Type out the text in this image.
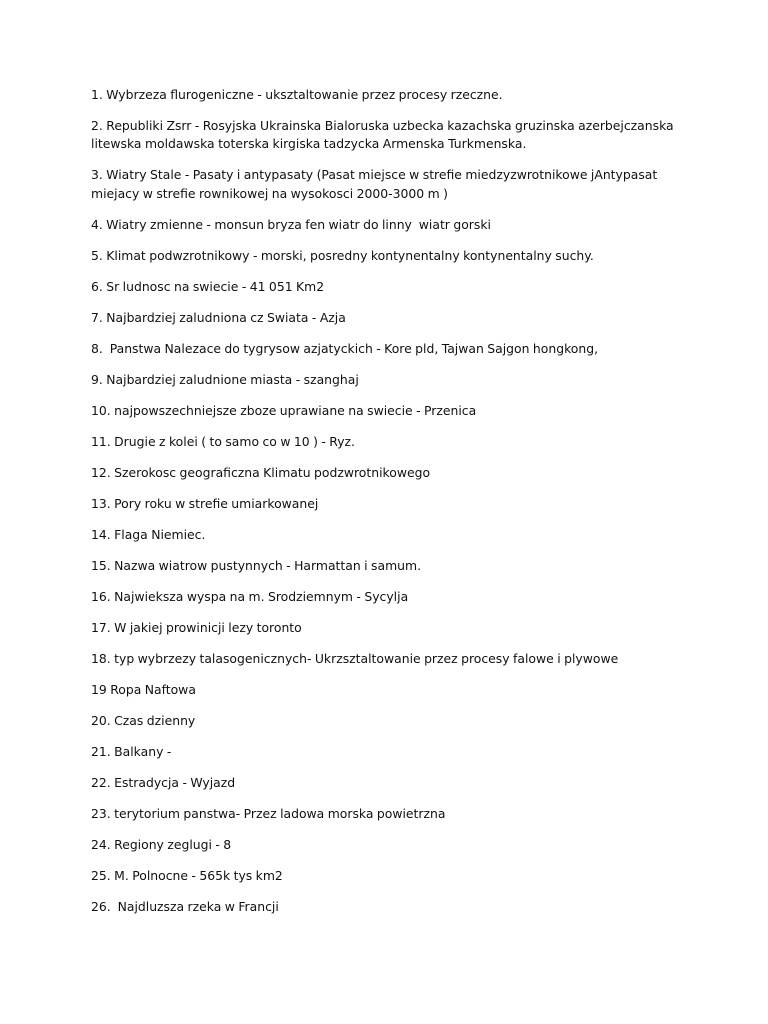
1. Wybrzeza flurogeniczne - uksztaltowanie przez procesy rzeczne.
2. Republiki Zsrr - Rosyjska Ukrainska Bialoruska uzbecka kazachska gruzinska azerbejczanska litewska moldawska toterska kirgiska tadzycka Armenska Turkmenska.
3. Wiatry Stale - Pasaty i antypasaty (Pasat miejsce w strefie miedzyzwrotnikowe jAntypasat miejacy w strefie rownikowej na wysokosci 2000-3000 m )
4. Wiatry zmienne - monsun bryza fen wiatr do linny  wiatr gorski
5. Klimat podwzrotnikowy - morski, posredny kontynentalny kontynentalny suchy.
6. Sr ludnosc na swiecie - 41 051 Km2
7. Najbardziej zaludniona cz Swiata - Azja
8.  Panstwa Nalezace do tygrysow azjatyckich - Kore pld, Tajwan Sajgon hongkong,
9. Najbardziej zaludnione miasta - szanghaj
10. najpowszechniejsze zboze uprawiane na swiecie - Przenica
11. Drugie z kolei ( to samo co w 10 ) - Ryz.
12. Szerokosc geograficzna Klimatu podzwrotnikowego
13. Pory roku w strefie umiarkowanej
14. Flaga Niemiec.
15. Nazwa wiatrow pustynnych - Harmattan i samum.
16. Najwieksza wyspa na m. Srodziemnym - Sycylja
17. W jakiej prowinicji lezy toronto
18. typ wybrzezy talasogenicznych- Ukrzsztaltowanie przez procesy falowe i plywowe
19 Ropa Naftowa
20. Czas dzienny
21. Balkany -
22. Estradycja - Wyjazd
23. terytorium panstwa- Przez ladowa morska powietrzna
24. Regiony zeglugi - 8
25. M. Polnocne - 565k tys km2
26.  Najdluzsza rzeka w Francji
